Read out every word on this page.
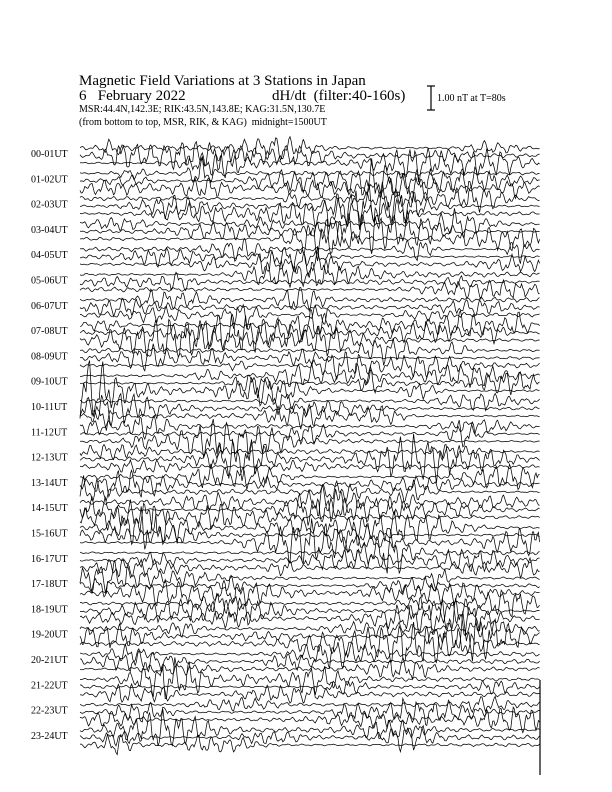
Magnetic Field Variations at 3 Stations in Japan
6 February 2022	dH/dt (filter:40-160s)
MSR:44.4N,142.3E; RIK:43.5N,143.8E; KAG:31.5N,130.7E
(from bottom to top, MSR, RIK, & KAG)  midnight=1500UT
1.00 nT at T=80s
00-01UT
01-02UT
02-03UT
03-04UT
04-05UT
05-06UT
06-07UT
07-08UT
08-09UT
09-10UT
10-11UT
11-12UT
12-13UT
13-14UT
14-15UT
15-16UT
16-17UT
17-18UT
18-19UT
19-20UT
20-21UT
21-22UT
22-23UT
23-24UT
